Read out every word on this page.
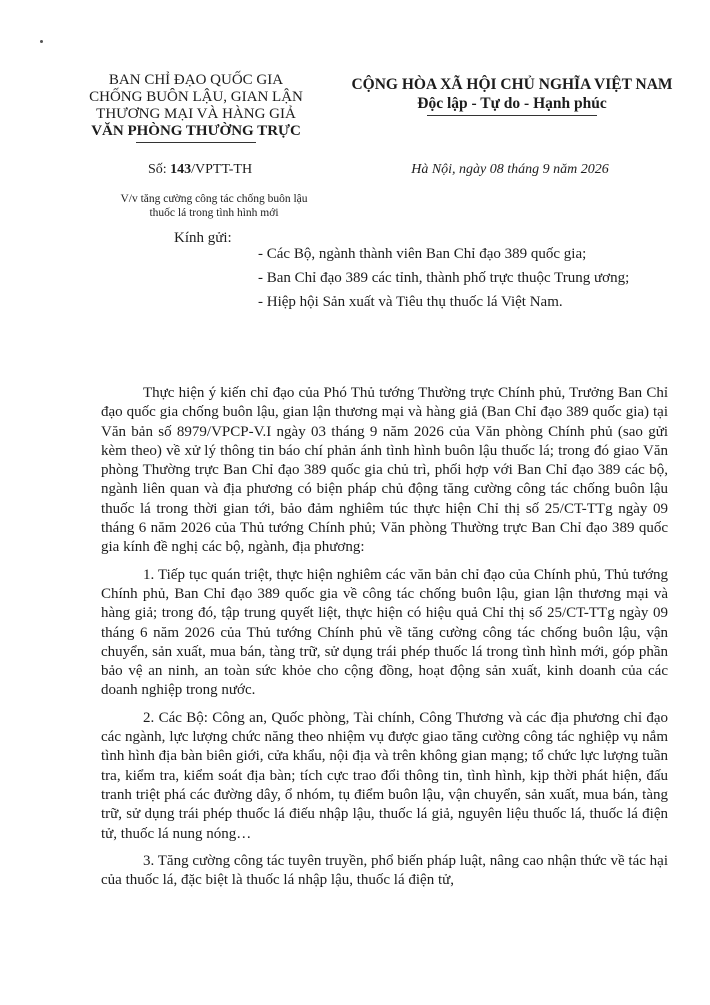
BAN CHỈ ĐẠO QUỐC GIA
CHỐNG BUÔN LẬU, GIAN LẬN
THƯƠNG MẠI VÀ HÀNG GIẢ
VĂN PHÒNG THƯỜNG TRỰC
CỘNG HÒA XÃ HỘI CHỦ NGHĨA VIỆT NAM
Độc lập - Tự do - Hạnh phúc
Số: 143/VPTT-TH	Hà Nội, ngày 08 tháng 9 năm 2026
V/v tăng cường công tác chống buôn lậu
thuốc lá trong tình hình mới
Kính gửi:
- Các Bộ, ngành thành viên Ban Chỉ đạo 389 quốc gia;
- Ban Chỉ đạo 389 các tỉnh, thành phố trực thuộc Trung ương;
- Hiệp hội Sản xuất và Tiêu thụ thuốc lá Việt Nam.

Thực hiện ý kiến chỉ đạo của Phó Thủ tướng Thường trực Chính phủ, Trưởng Ban Chỉ đạo quốc gia chống buôn lậu, gian lận thương mại và hàng giả (Ban Chỉ đạo 389 quốc gia) tại Văn bản số 8979/VPCP-V.I ngày 03 tháng 9 năm 2026 của Văn phòng Chính phủ (sao gửi kèm theo) về xử lý thông tin báo chí phản ánh tình hình buôn lậu thuốc lá; trong đó giao Văn phòng Thường trực Ban Chỉ đạo 389 quốc gia chủ trì, phối hợp với Ban Chỉ đạo 389 các bộ, ngành liên quan và địa phương có biện pháp chủ động tăng cường công tác chống buôn lậu thuốc lá trong thời gian tới, bảo đảm nghiêm túc thực hiện Chỉ thị số 25/CT-TTg ngày 09 tháng 6 năm 2026 của Thủ tướng Chính phủ; Văn phòng Thường trực Ban Chỉ đạo 389 quốc gia kính đề nghị các bộ, ngành, địa phương:

1. Tiếp tục quán triệt, thực hiện nghiêm các văn bản chỉ đạo của Chính phủ, Thủ tướng Chính phủ, Ban Chỉ đạo 389 quốc gia về công tác chống buôn lậu, gian lận thương mại và hàng giả; trong đó, tập trung quyết liệt, thực hiện có hiệu quả Chỉ thị số 25/CT-TTg ngày 09 tháng 6 năm 2026 của Thủ tướng Chính phủ về tăng cường công tác chống buôn lậu, vận chuyển, sản xuất, mua bán, tàng trữ, sử dụng trái phép thuốc lá trong tình hình mới, góp phần bảo vệ an ninh, an toàn sức khỏe cho cộng đồng, hoạt động sản xuất, kinh doanh của các doanh nghiệp trong nước.

2. Các Bộ: Công an, Quốc phòng, Tài chính, Công Thương và các địa phương chỉ đạo các ngành, lực lượng chức năng theo nhiệm vụ được giao tăng cường công tác nghiệp vụ nắm tình hình địa bàn biên giới, cửa khẩu, nội địa và trên không gian mạng; tổ chức lực lượng tuần tra, kiểm tra, kiểm soát địa bàn; tích cực trao đổi thông tin, tình hình, kịp thời phát hiện, đấu tranh triệt phá các đường dây, ổ nhóm, tụ điểm buôn lậu, vận chuyển, sản xuất, mua bán, tàng trữ, sử dụng trái phép thuốc lá điếu nhập lậu, thuốc lá giả, nguyên liệu thuốc lá, thuốc lá điện tử, thuốc lá nung nóng…

3. Tăng cường công tác tuyên truyền, phổ biến pháp luật, nâng cao nhận thức về tác hại của thuốc lá, đặc biệt là thuốc lá nhập lậu, thuốc lá điện tử,
